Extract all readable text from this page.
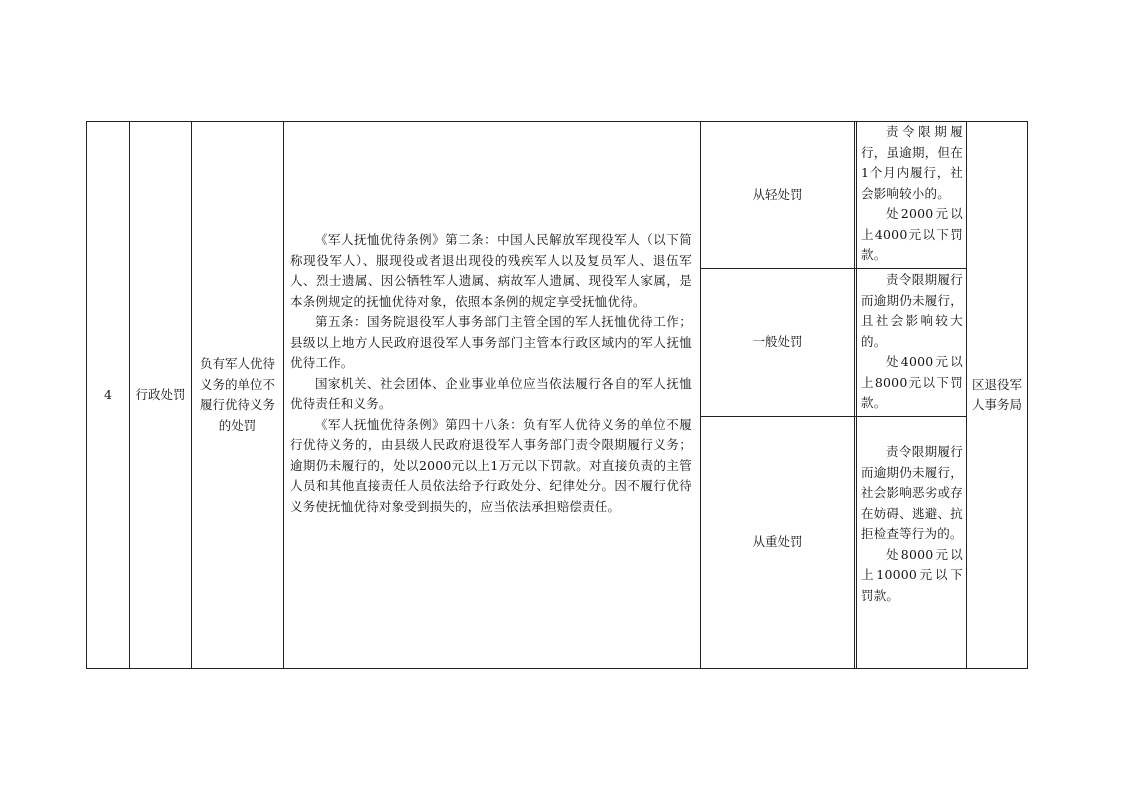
4 行政处罚
负有军人优待义务的单位不履行优待义务的处罚

《军人抚恤优待条例》第二条：中国人民解放军现役军人（以下简称现役军人）、服现役或者退出现役的残疾军人以及复员军人、退伍军人、烈士遗属、因公牺牲军人遗属、病故军人遗属、现役军人家属，是本条例规定的抚恤优待对象，依照本条例的规定享受抚恤优待。

第五条：国务院退役军人事务部门主管全国的军人抚恤优待工作；县级以上地方人民政府退役军人事务部门主管本行政区域内的军人抚恤优待工作。

国家机关、社会团体、企业事业单位应当依法履行各自的军人抚恤优待责任和义务。

《军人抚恤优待条例》第四十八条：负有军人优待义务的单位不履行优待义务的，由县级人民政府退役军人事务部门责令限期履行义务；逾期仍未履行的，处以2000元以上1万元以下罚款。对直接负责的主管人员和其他直接责任人员依法给予行政处分、纪律处分。因不履行优待义务使抚恤优待对象受到损失的，应当依法承担赔偿责任。

从轻处罚
一般处罚
从重处罚

责令限期履行，虽逾期，但在1个月内履行，社会影响较小的。

处2000元以上4000元以下罚款。

责令限期履行而逾期仍未履行，且社会影响较大的。

处4000元以上8000元以下罚款。

责令限期履行而逾期仍未履行，社会影响恶劣或存在妨碍、逃避、抗拒检查等行为的。

处8000元以上10000元以下罚款。

区退役军人事务局
